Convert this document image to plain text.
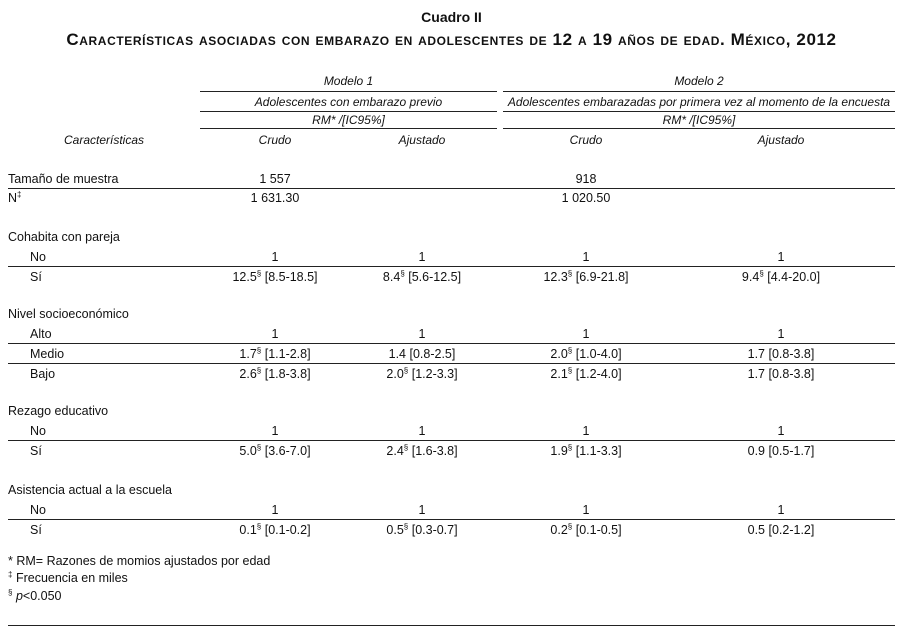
Cuadro II
Características asociadas con embarazo en adolescentes de 12 a 19 años de edad. México, 2012
Modelo 1
Adolescentes con embarazo previo
RM* /[IC95%]
Modelo 2
Adolescentes embarazadas por primera vez al momento de la encuesta
RM* /[IC95%]
Características	Crudo	Ajustado	Crudo	Ajustado
Tamaño de muestra	1 557	918
N‡	1 631.30	1 020.50
Cohabita con pareja
No	1	1	1	1
Sí	12.5§ [8.5-18.5]	8.4§ [5.6-12.5]	12.3§ [6.9-21.8]	9.4§ [4.4-20.0]
Nivel socioeconómico
Alto	1	1	1	1
Medio	1.7§ [1.1-2.8]	1.4 [0.8-2.5]	2.0§ [1.0-4.0]	1.7 [0.8-3.8]
Bajo	2.6§ [1.8-3.8]	2.0§ [1.2-3.3]	2.1§ [1.2-4.0]	1.7 [0.8-3.8]
Rezago educativo
No	1	1	1	1
Sí	5.0§ [3.6-7.0]	2.4§ [1.6-3.8]	1.9§ [1.1-3.3]	0.9 [0.5-1.7]
Asistencia actual a la escuela
No	1	1	1	1
Sí	0.1§ [0.1-0.2]	0.5§ [0.3-0.7]	0.2§ [0.1-0.5]	0.5 [0.2-1.2]
* RM= Razones de momios ajustados por edad
‡ Frecuencia en miles
§ p<0.050
